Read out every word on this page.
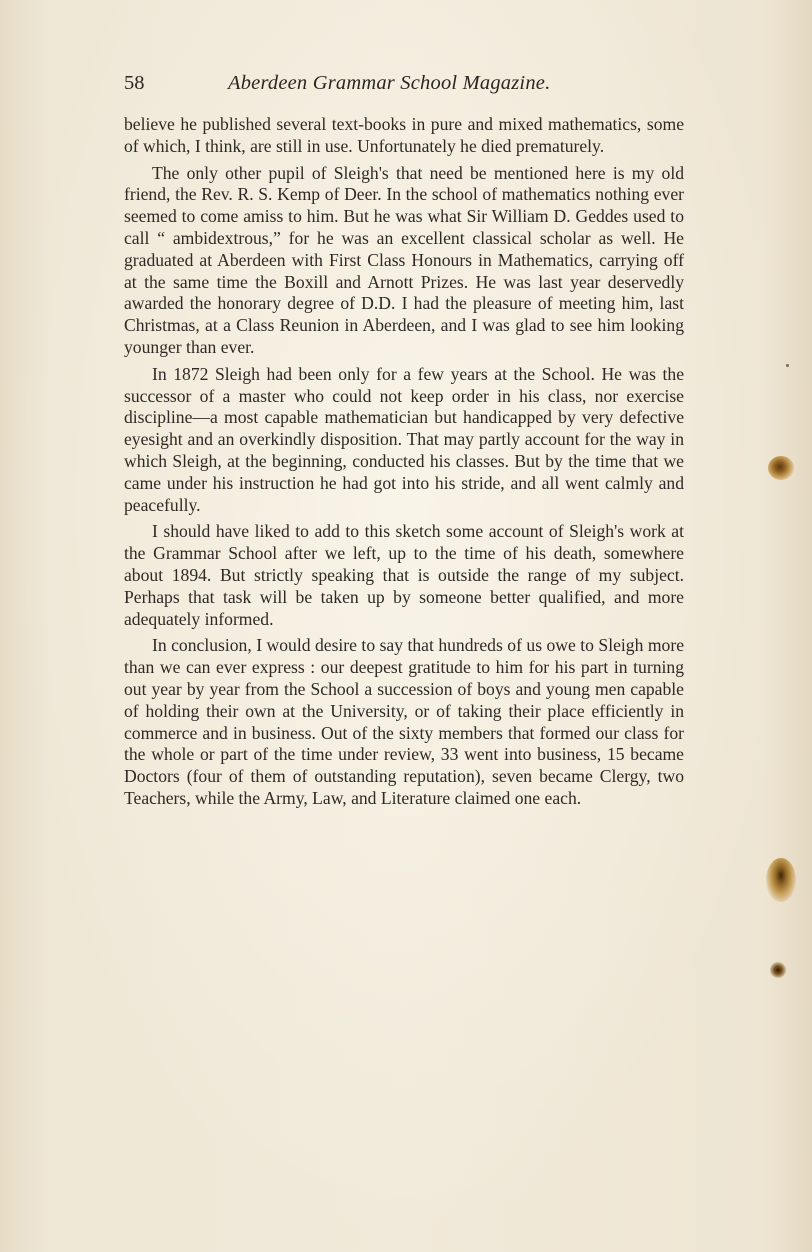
58	Aberdeen Grammar School Magazine.

believe he published several text-books in pure and mixed mathematics, some of which, I think, are still in use. Unfortunately he died prematurely.

The only other pupil of Sleigh's that need be mentioned here is my old friend, the Rev. R. S. Kemp of Deer. In the school of mathematics nothing ever seemed to come amiss to him. But he was what Sir William D. Geddes used to call “ ambidextrous,” for he was an excellent classical scholar as well. He graduated at Aberdeen with First Class Honours in Mathematics, carrying off at the same time the Boxill and Arnott Prizes. He was last year deservedly awarded the honorary degree of D.D. I had the pleasure of meeting him, last Christmas, at a Class Reunion in Aberdeen, and I was glad to see him looking younger than ever.

In 1872 Sleigh had been only for a few years at the School. He was the successor of a master who could not keep order in his class, nor exercise discipline—a most capable mathematician but handicapped by very defective eyesight and an overkindly disposition. That may partly account for the way in which Sleigh, at the beginning, conducted his classes. But by the time that we came under his instruction he had got into his stride, and all went calmly and peacefully.

I should have liked to add to this sketch some account of Sleigh's work at the Grammar School after we left, up to the time of his death, somewhere about 1894. But strictly speaking that is outside the range of my subject. Perhaps that task will be taken up by someone better qualified, and more adequately informed.

In conclusion, I would desire to say that hundreds of us owe to Sleigh more than we can ever express : our deepest gratitude to him for his part in turning out year by year from the School a succession of boys and young men capable of holding their own at the University, or of taking their place efficiently in commerce and in business. Out of the sixty members that formed our class for the whole or part of the time under review, 33 went into business, 15 became Doctors (four of them of outstanding reputation), seven became Clergy, two Teachers, while the Army, Law, and Literature claimed one each.
